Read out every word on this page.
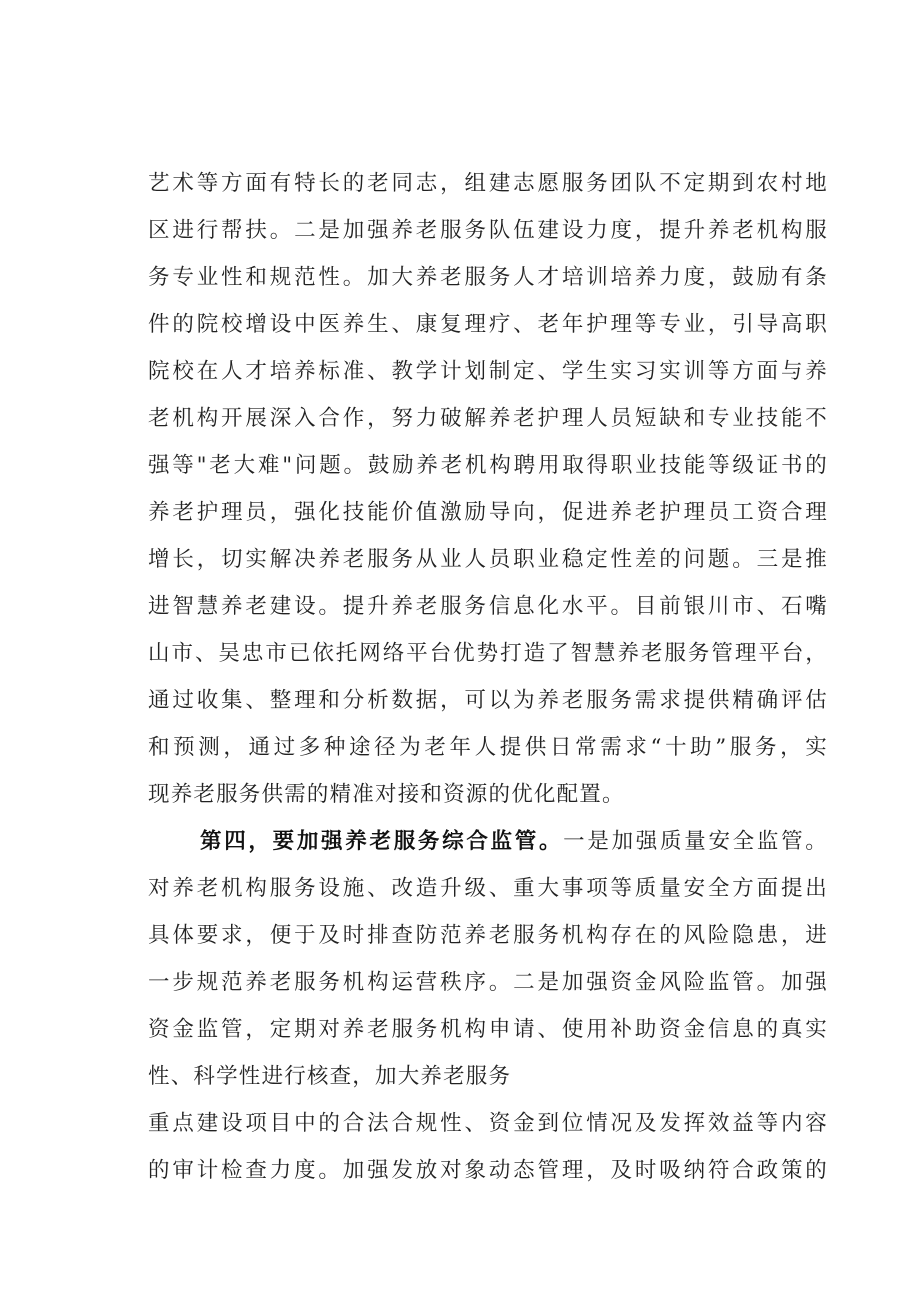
艺术等方面有特长的老同志，组建志愿服务团队不定期到农村地
区进行帮扶。二是加强养老服务队伍建设力度，提升养老机构服
务专业性和规范性。加大养老服务人才培训培养力度，鼓励有条
件的院校增设中医养生、康复理疗、老年护理等专业，引导高职
院校在人才培养标准、教学计划制定、学生实习实训等方面与养
老机构开展深入合作，努力破解养老护理人员短缺和专业技能不
强等"老大难"问题。鼓励养老机构聘用取得职业技能等级证书的
养老护理员，强化技能价值激励导向，促进养老护理员工资合理
增长，切实解决养老服务从业人员职业稳定性差的问题。三是推
进智慧养老建设。提升养老服务信息化水平。目前银川市、石嘴
山市、吴忠市已依托网络平台优势打造了智慧养老服务管理平台，
通过收集、整理和分析数据，可以为养老服务需求提供精确评估
和预测，通过多种途径为老年人提供日常需求“十助”服务，实
现养老服务供需的精准对接和资源的优化配置。
第四，要加强养老服务综合监管。一是加强质量安全监管。
对养老机构服务设施、改造升级、重大事项等质量安全方面提出
具体要求，便于及时排查防范养老服务机构存在的风险隐患，进
一步规范养老服务机构运营秩序。二是加强资金风险监管。加强
资金监管，定期对养老服务机构申请、使用补助资金信息的真实
性、科学性进行核查，加大养老服务
重点建设项目中的合法合规性、资金到位情况及发挥效益等内容
的审计检查力度。加强发放对象动态管理，及时吸纳符合政策的
